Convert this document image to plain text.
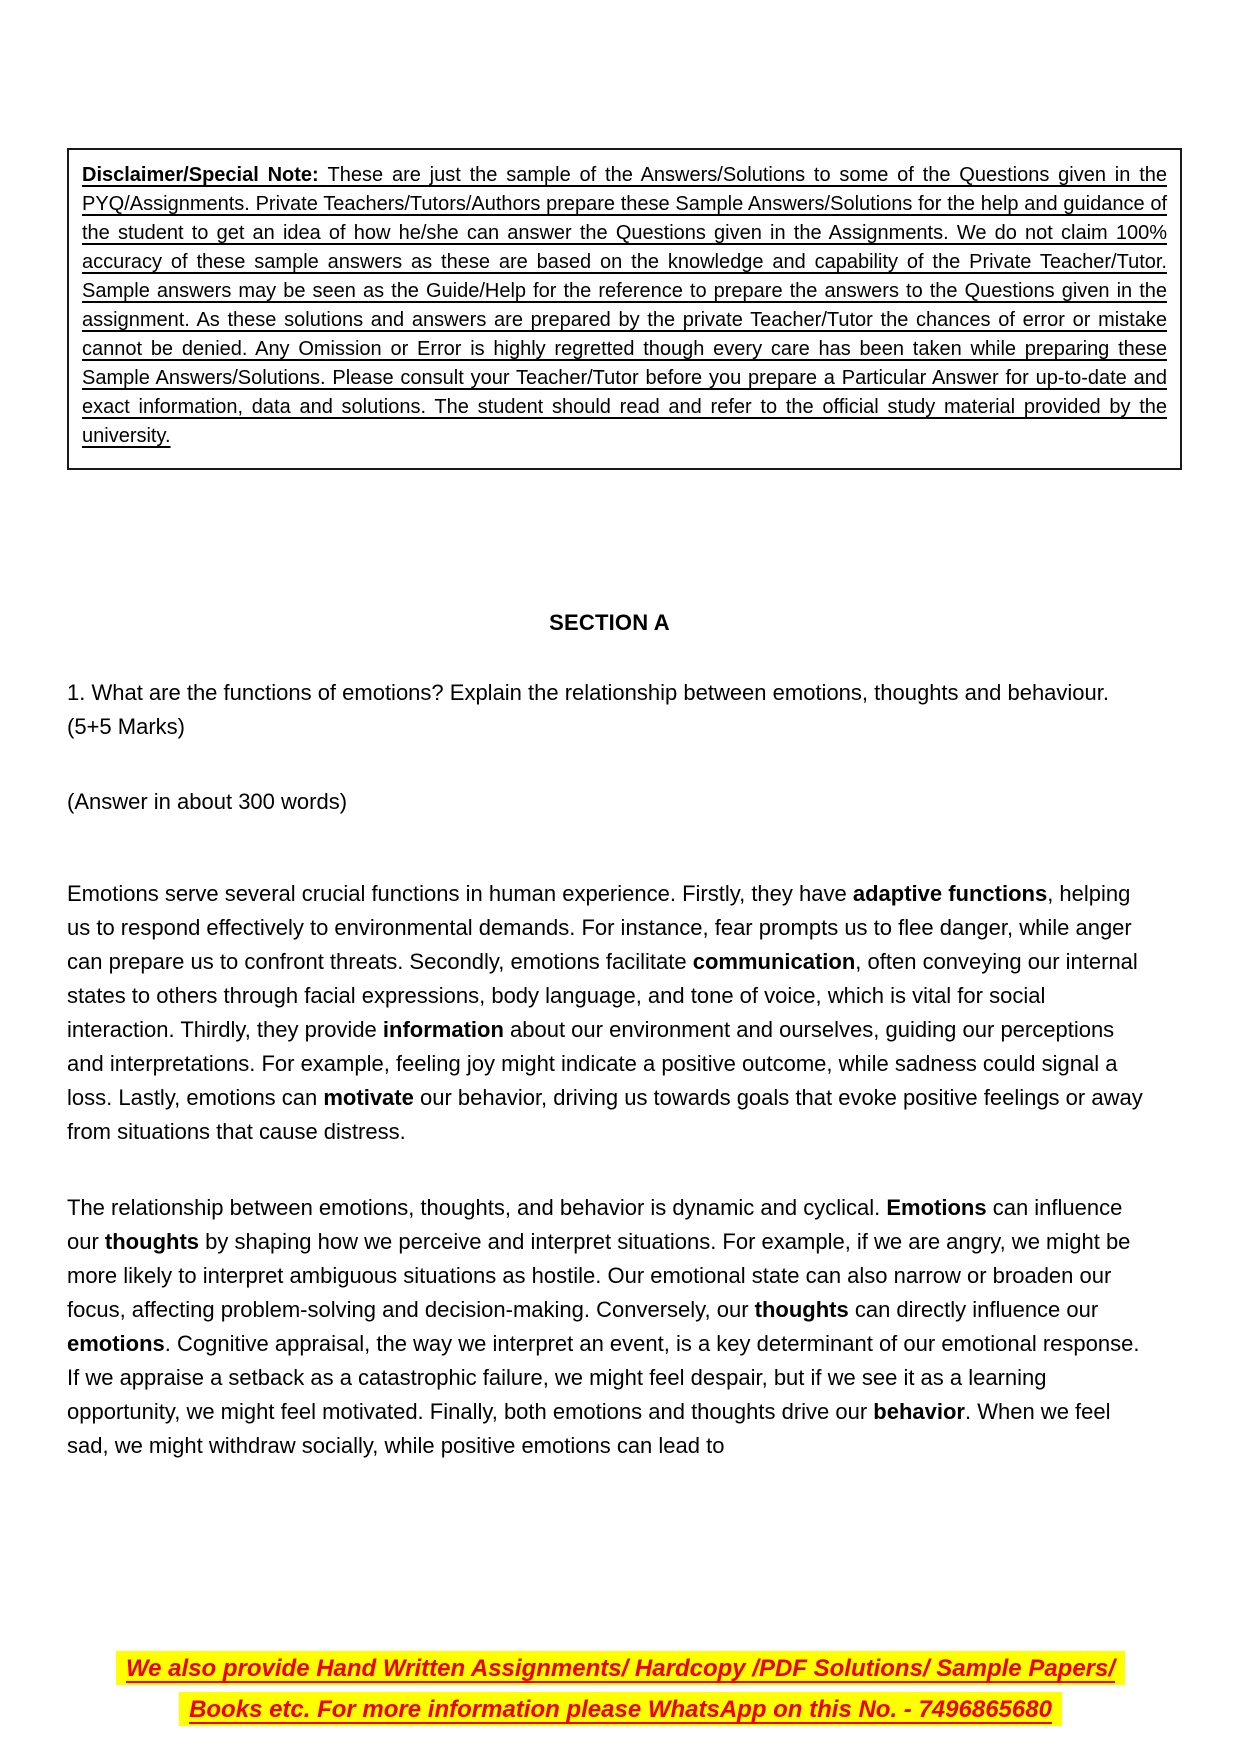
Disclaimer/Special Note: These are just the sample of the Answers/Solutions to some of the Questions given in the PYQ/Assignments. Private Teachers/Tutors/Authors prepare these Sample Answers/Solutions for the help and guidance of the student to get an idea of how he/she can answer the Questions given in the Assignments. We do not claim 100% accuracy of these sample answers as these are based on the knowledge and capability of the Private Teacher/Tutor. Sample answers may be seen as the Guide/Help for the reference to prepare the answers to the Questions given in the assignment. As these solutions and answers are prepared by the private Teacher/Tutor the chances of error or mistake cannot be denied. Any Omission or Error is highly regretted though every care has been taken while preparing these Sample Answers/Solutions. Please consult your Teacher/Tutor before you prepare a Particular Answer for up-to-date and exact information, data and solutions. The student should read and refer to the official study material provided by the university.

SECTION A

1. What are the functions of emotions? Explain the relationship between emotions, thoughts and behaviour. (5+5 Marks)

(Answer in about 300 words)

Emotions serve several crucial functions in human experience. Firstly, they have adaptive functions, helping us to respond effectively to environmental demands. For instance, fear prompts us to flee danger, while anger can prepare us to confront threats. Secondly, emotions facilitate communication, often conveying our internal states to others through facial expressions, body language, and tone of voice, which is vital for social interaction. Thirdly, they provide information about our environment and ourselves, guiding our perceptions and interpretations. For example, feeling joy might indicate a positive outcome, while sadness could signal a loss. Lastly, emotions can motivate our behavior, driving us towards goals that evoke positive feelings or away from situations that cause distress.

The relationship between emotions, thoughts, and behavior is dynamic and cyclical. Emotions can influence our thoughts by shaping how we perceive and interpret situations. For example, if we are angry, we might be more likely to interpret ambiguous situations as hostile. Our emotional state can also narrow or broaden our focus, affecting problem-solving and decision-making. Conversely, our thoughts can directly influence our emotions. Cognitive appraisal, the way we interpret an event, is a key determinant of our emotional response. If we appraise a setback as a catastrophic failure, we might feel despair, but if we see it as a learning opportunity, we might feel motivated. Finally, both emotions and thoughts drive our behavior. When we feel sad, we might withdraw socially, while positive emotions can lead to

We also provide Hand Written Assignments/ Hardcopy /PDF Solutions/ Sample Papers/
Books etc. For more information please WhatsApp on this No. - 7496865680
